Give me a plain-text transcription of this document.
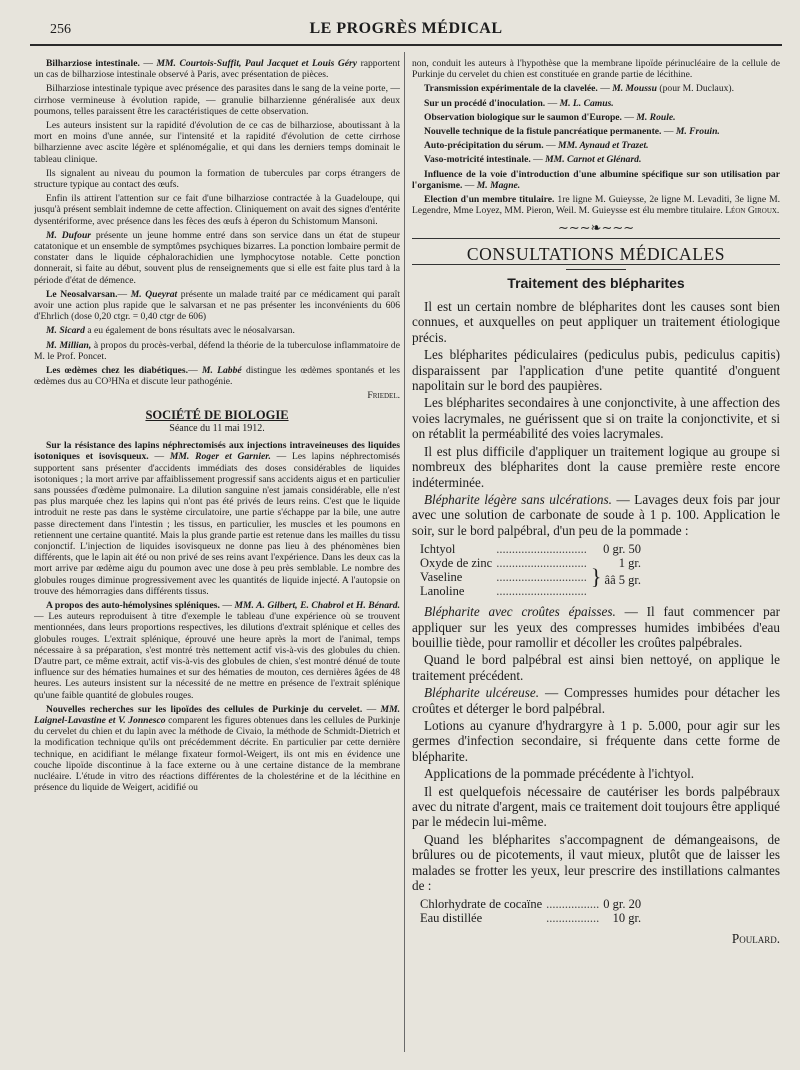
256	LE PROGRÈS MÉDICAL

Bilharziose intestinale. — MM. Courtois-Suffit, Paul Jacquet et Louis Géry rapportent un cas de bilharziose intestinale observé à Paris, avec présentation de pièces.

Bilharziose intestinale typique avec présence des parasites dans le sang de la veine porte, — cirrhose vermineuse à évolution rapide, — granulie bilharzienne généralisée aux deux poumons, telles paraissent être les caractéristiques de cette observation.

Les auteurs insistent sur la rapidité d'évolution de ce cas de bilharziose, aboutissant à la mort en moins d'une année, sur l'intensité et la rapidité d'évolution de cette cirrhose bilharzienne avec ascite légère et splénomégalie, et qui dans les derniers temps dominait le tableau clinique.

Ils signalent au niveau du poumon la formation de tubercules par corps étrangers de structure typique au contact des œufs.

Enfin ils attirent l'attention sur ce fait d'une bilharziose contractée à la Guadeloupe, qui jusqu'à présent semblait indemne de cette affection. Cliniquement on avait des signes d'entérite dysentériforme, avec présence dans les fèces des œufs à éperon du Schistomum Mansoni.

M. Dufour présente un jeune homme entré dans son service dans un état de stupeur catatonique et un ensemble de symptômes psychiques bizarres. La ponction lombaire permit de constater dans le liquide céphalorachidien une lymphocytose notable. Cette ponction donnerait, si faite au début, souvent plus de renseignements que si elle est faite plus tard à la période d'état de démence.

Le Neosalvarsan.— M. Queyrat présente un malade traité par ce médicament qui paraît avoir une action plus rapide que le salvarsan et ne pas présenter les inconvénients du 606 d'Ehrlich (dose 0,20 ctgr. = 0,40 ctgr de 606)

M. Sicard a eu également de bons résultats avec le néosalvarsan.

M. Millian, à propos du procès-verbal, défend la théorie de la tuberculose inflammatoire de M. le Prof. Poncet.

Les œdèmes chez les diabétiques.— M. Labbé distingue les œdèmes spontanés et les œdèmes dus au CO³HNa et discute leur pathogénie.

Friedel.

SOCIÉTÉ DE BIOLOGIE
Séance du 11 mai 1912.

Sur la résistance des lapins néphrectomisés aux injections intraveineuses des liquides isotoniques et isovisqueux. — MM. Roger et Garnier. — Les lapins néphrectomisés supportent sans présenter d'accidents immédiats des doses considérables de liquides isotoniques ; la mort arrive par affaiblissement progressif sans accidents aigus et en particulier sans poussées d'œdème pulmonaire. La dilution sanguine n'est jamais considérable, elle n'est pas plus marquée chez les lapins qui n'ont pas été privés de leurs reins. C'est que le liquide introduit ne reste pas dans le système circulatoire, une partie s'échappe par la bile, une autre passe directement dans l'intestin ; les tissus, en particulier, les muscles et les poumons en retiennent une certaine quantité. Mais la plus grande partie est retenue dans les mailles du tissu conjonctif. L'injection de liquides isovisqueux ne donne pas lieu à des phénomènes bien différents, que le lapin ait été ou non privé de ses reins avant l'expérience. Dans les deux cas la mort arrive par œdème aigu du poumon avec une dose à peu près semblable. Le nombre des globules rouges diminue progressivement avec les quantités de liquide injecté. A l'autopsie on trouve des hémorragies dans différents tissus.

A propos des auto-hémolysines spléniques. — MM. A. Gilbert, E. Chabrol et H. Bénard. — Les auteurs reproduisent à titre d'exemple le tableau d'une expérience où se trouvent mentionnées, dans leurs proportions respectives, les dilutions d'extrait splénique et celles des globules rouges. L'extrait splénique, éprouvé une heure après la mort de l'animal, temps nécessaire à sa préparation, s'est montré très nettement actif vis-à-vis des globules du chien. D'autre part, ce même extrait, actif vis-à-vis des globules de chien, s'est montré dénué de toute influence sur des hématies humaines et sur des hématies de mouton, ces dernières âgées de 48 heures. Les auteurs insistent sur la nécessité de ne mettre en présence de l'extrait splénique qu'une faible quantité de globules rouges.

Nouvelles recherches sur les lipoïdes des cellules de Purkinje du cervelet. — MM. Laignel-Lavastine et V. Jonnesco comparent les figures obtenues dans les cellules de Purkinje du cervelet du chien et du lapin avec la méthode de Civaio, la méthode de Schmidt-Dietrich et la modification technique qu'ils ont précédemment décrite. En particulier par cette dernière technique, en acidifiant le mélange fixateur formol-Weigert, ils ont mis en évidence une couche lipoïde discontinue à la face externe ou à une certaine distance de la membrane nucléaire. L'étude in vitro des réactions différentes de la cholestérine et de la lécithine en présence du liquide de Weigert, acidifié ou

non, conduit les auteurs à l'hypothèse que la membrane lipoïde périnucléaire de la cellule de Purkinje du cervelet du chien est constituée en grande partie de lécithine.

Transmission expérimentale de la clavelée. — M. Moussu (pour M. Duclaux).

Sur un procédé d'inoculation. — M. L. Camus.

Observation biologique sur le saumon d'Europe. — M. Roule.

Nouvelle technique de la fistule pancréatique permanente. — M. Frouin.

Auto-précipitation du sérum. — MM. Aynaud et Trazet.

Vaso-motricité intestinale. — MM. Carnot et Glénard.

Influence de la voie d'introduction d'une albumine spécifique sur son utilisation par l'organisme. — M. Magne.

Election d'un membre titulaire. 1re ligne M. Guieysse, 2e ligne M. Levaditi, 3e ligne M. Legendre, Mme Loyez, MM. Pieron, Weil. M. Guieysse est élu membre titulaire. Léon Giroux.

∼∼∼❧∼∼∼
CONSULTATIONS MÉDICALES
Traitement des blépharites

Il est un certain nombre de blépharites dont les causes sont bien connues, et auxquelles on peut appliquer un traitement étiologique précis.

Les blépharites pédiculaires (pediculus pubis, pediculus capitis) disparaissent par l'application d'une petite quantité d'onguent napolitain sur le bord des paupières.

Les blépharites secondaires à une conjonctivite, à une affection des voies lacrymales, ne guérissent que si on traite la conjonctivite, et si on rétablit la perméabilité des voies lacrymales.

Il est plus difficile d'appliquer un traitement logique au groupe si nombreux des blépharites dont la cause première reste encore indéterminée.

Blépharite légère sans ulcérations. — Lavages deux fois par jour avec une solution de carbonate de soude à 1 p. 100. Application le soir, sur le bord palpébral, d'un peu de la pommade :

Ichtyol	.............................	0 gr. 50
Oxyde de zinc	.............................	1 gr.
Vaseline	.............................	} ââ 5 gr.
Lanoline	.............................	

Blépharite avec croûtes épaisses. — Il faut commencer par appliquer sur les yeux des compresses humides imbibées d'eau bouillie tiède, pour ramollir et décoller les croûtes palpébrales.

Quand le bord palpébral est ainsi bien nettoyé, on applique le traitement précédent.

Blépharite ulcéreuse. — Compresses humides pour détacher les croûtes et déterger le bord palpébral.

Lotions au cyanure d'hydrargyre à 1 p. 5.000, pour agir sur les germes d'infection secondaire, si fréquente dans cette forme de blépharite.

Applications de la pommade précédente à l'ichtyol.

Il est quelquefois nécessaire de cautériser les bords palpébraux avec du nitrate d'argent, mais ce traitement doit toujours être appliqué par le médecin lui-même.

Quand les blépharites s'accompagnent de démangeaisons, de brûlures ou de picotements, il vaut mieux, plutôt que de laisser les malades se frotter les yeux, leur prescrire des instillations calmantes de :

Chlorhydrate de cocaïne	.................	0 gr. 20
Eau distillée	.................	10 gr.

Poulard.
